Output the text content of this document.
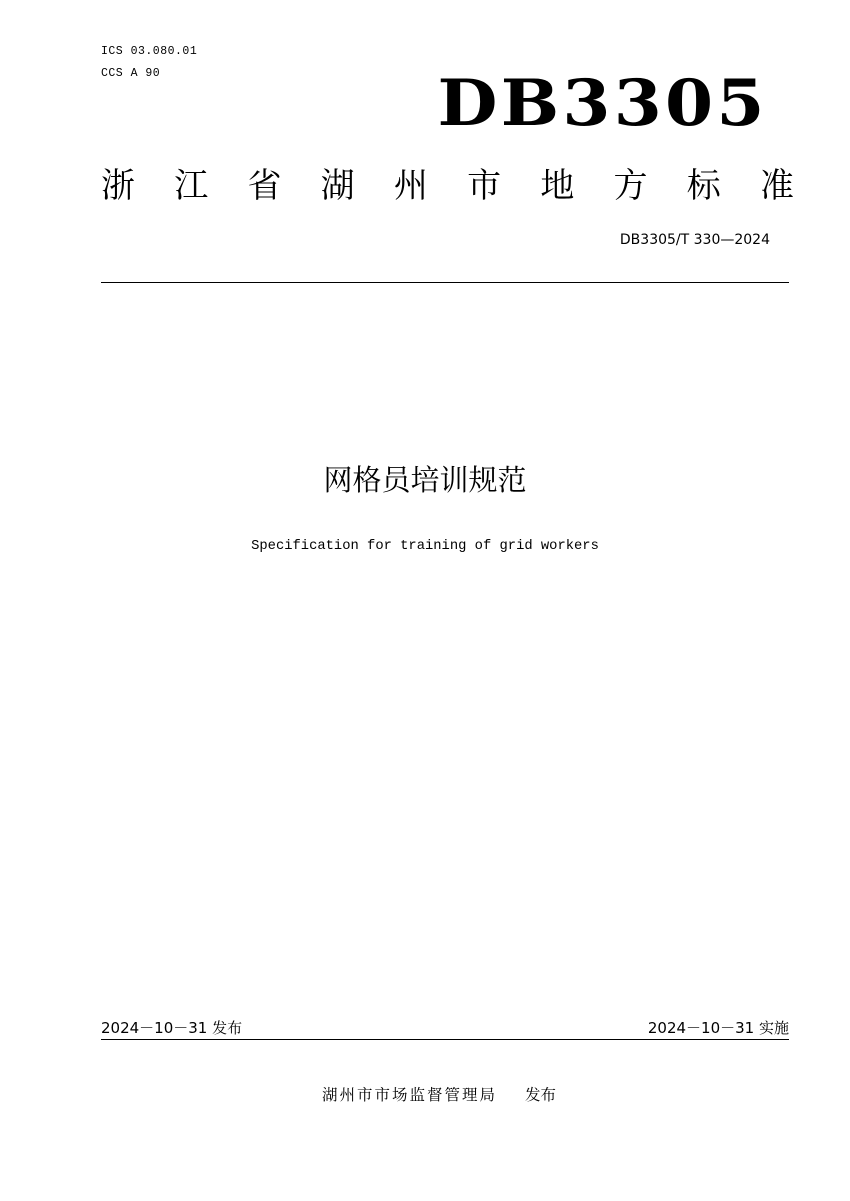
ICS 03.080.01
CCS A 90	DB3305
浙 江 省 湖 州 市 地 方 标 准
DB3305/T 330—2024
网格员培训规范
Specification for training of grid workers
2024－10－31 发布	2024－10－31 实施
湖州市市场监督管理局 发布
